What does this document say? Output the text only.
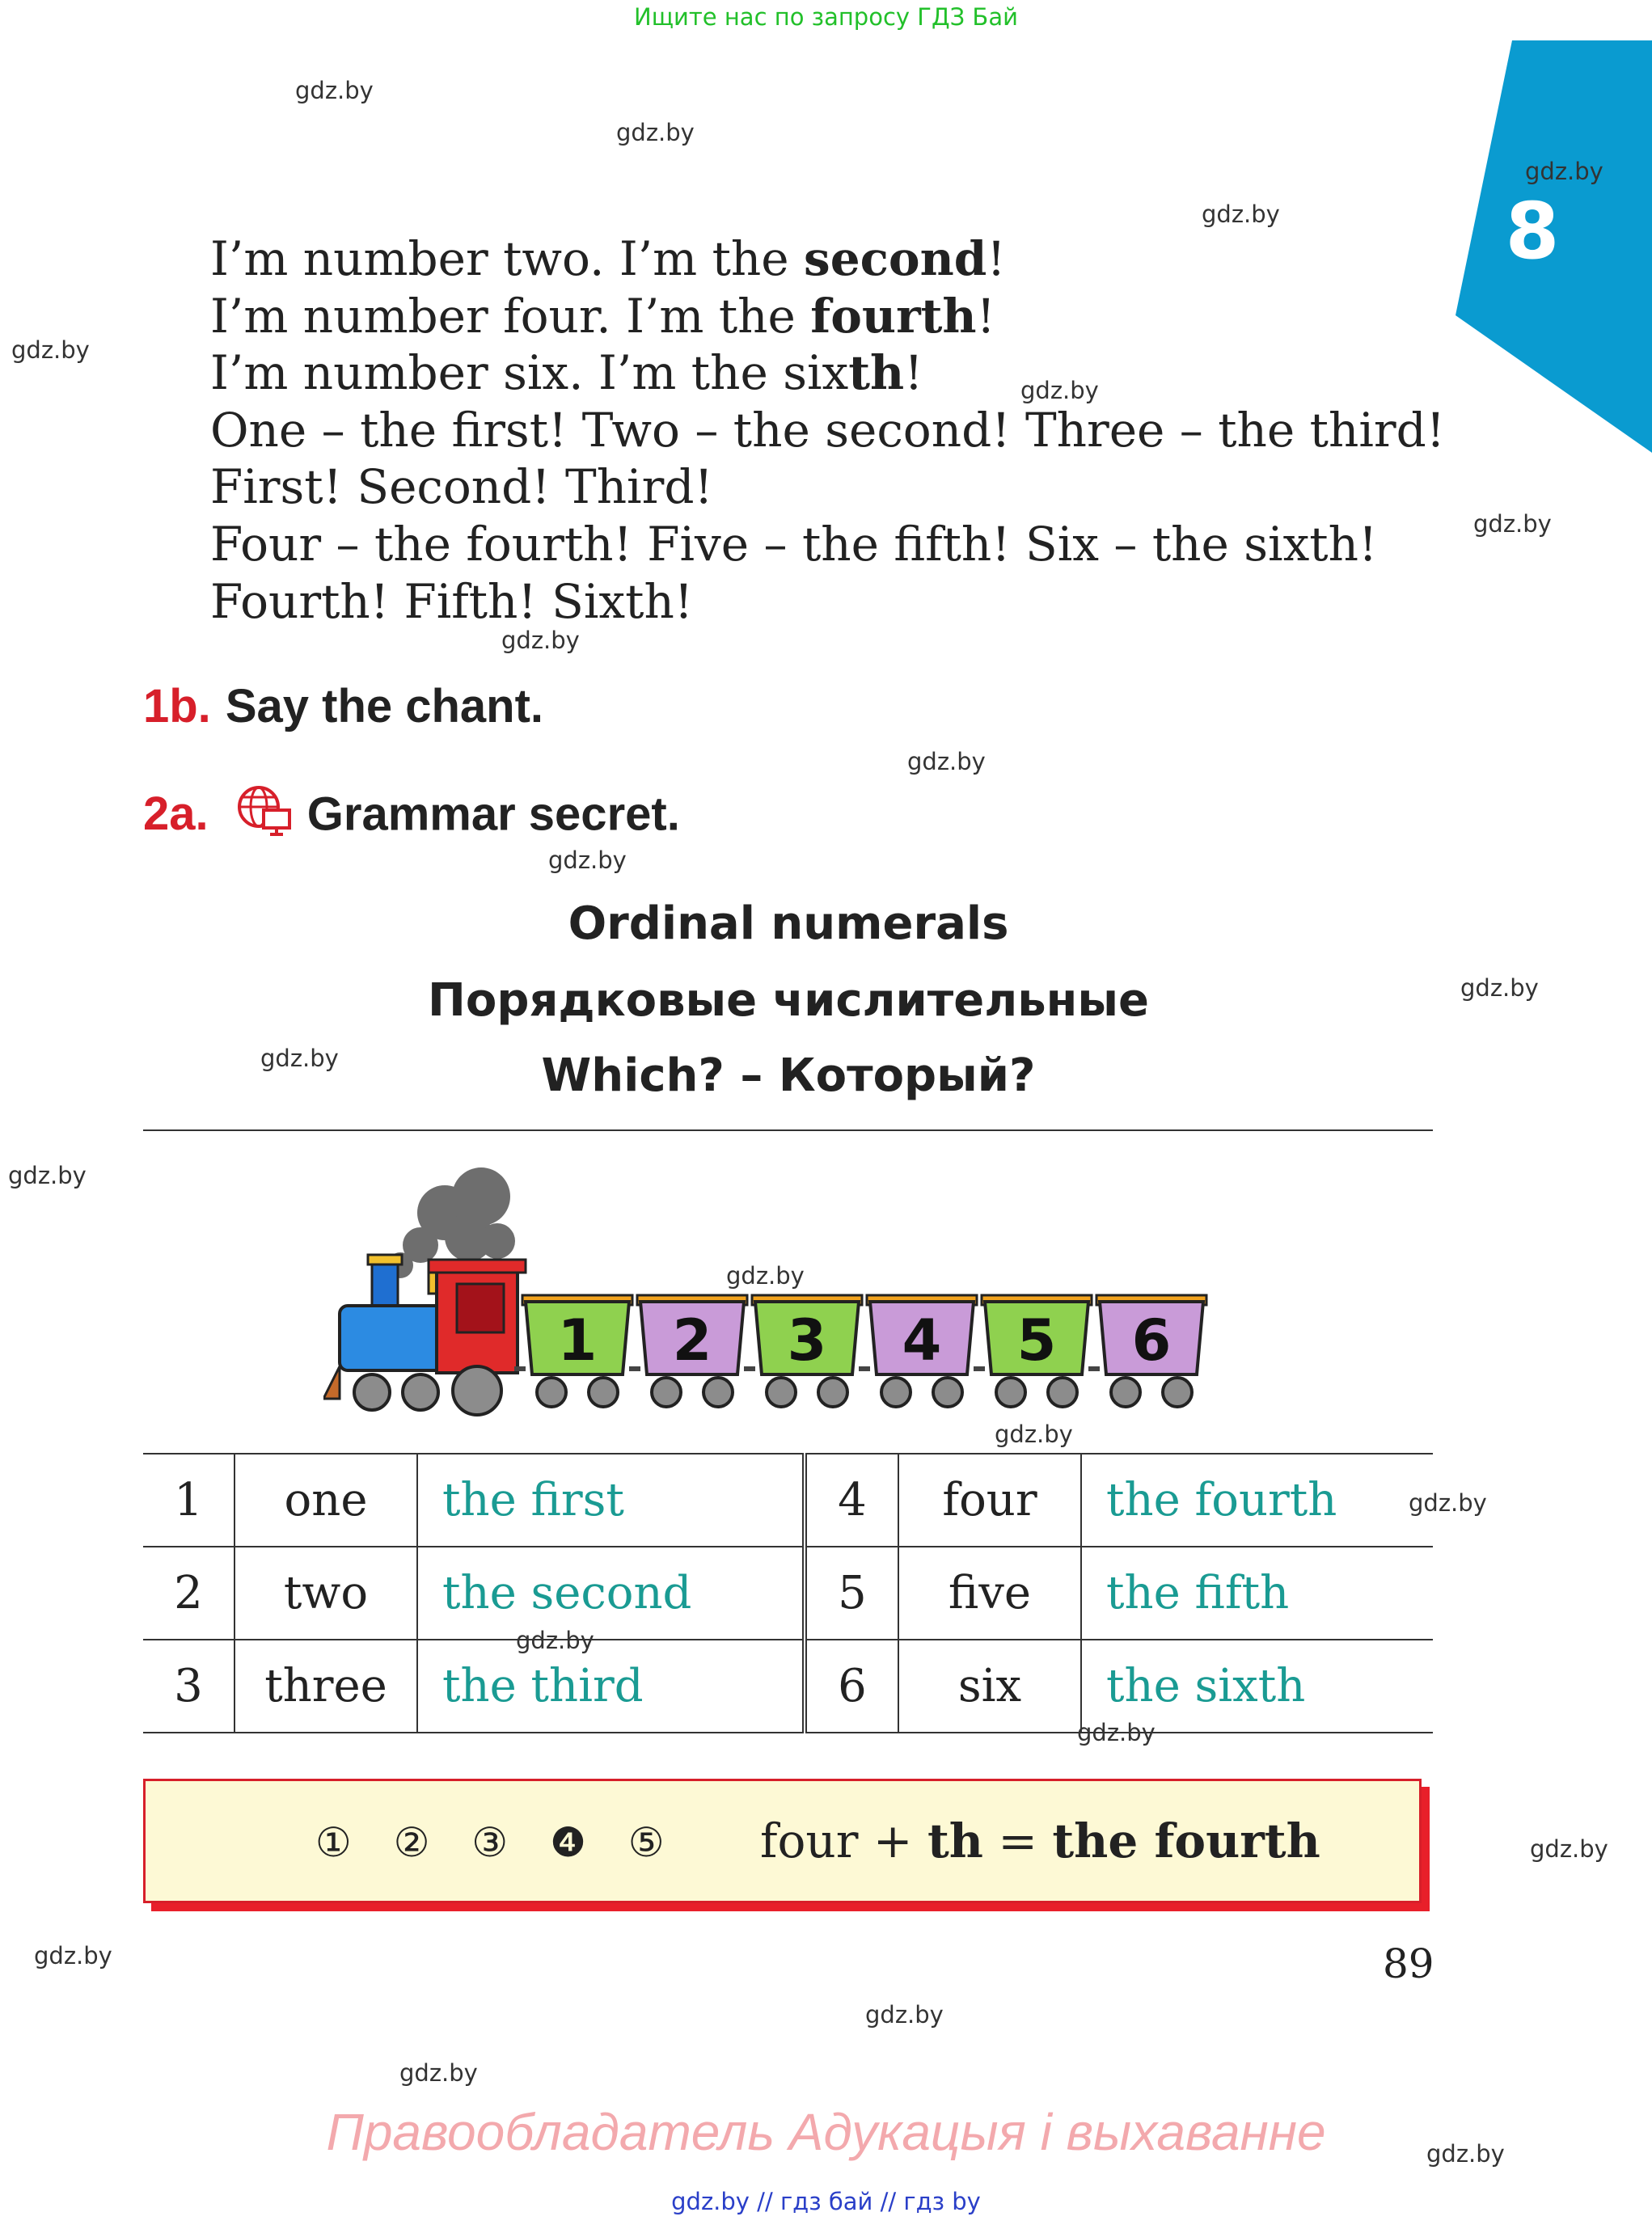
Ищите нас по запросу ГДЗ Бай
8
gdz.by
gdz.by
gdz.by
gdz.by
gdz.by
gdz.by
gdz.by
gdz.by
gdz.by
gdz.by
gdz.by
gdz.by
gdz.by
gdz.by
gdz.by
gdz.by
gdz.by
gdz.by
gdz.by
gdz.by
gdz.by
gdz.by
gdz.by
I’m number two. I’m the second!
I’m number four. I’m the fourth!
I’m number six. I’m the sixth!
One – the first! Two – the second! Three – the third!
First! Second! Third!
Four – the fourth! Five – the fifth! Six – the sixth!
Fourth! Fifth! Sixth!
1b. Say the chant.
2a. Grammar secret.
Ordinal numerals
Порядковые числительные
Which? – Который?
1 2 3 4 5 6
1	one	the first	4	four	the fourth
2	two	the second	5	five	the fifth
3	three	the third	6	six	the sixth
① ② ③ ❹ ⑤ four + th = the fourth
89
Правообладатель Адукацыя і выхаванне
gdz.by // гдз бай // гдз by
